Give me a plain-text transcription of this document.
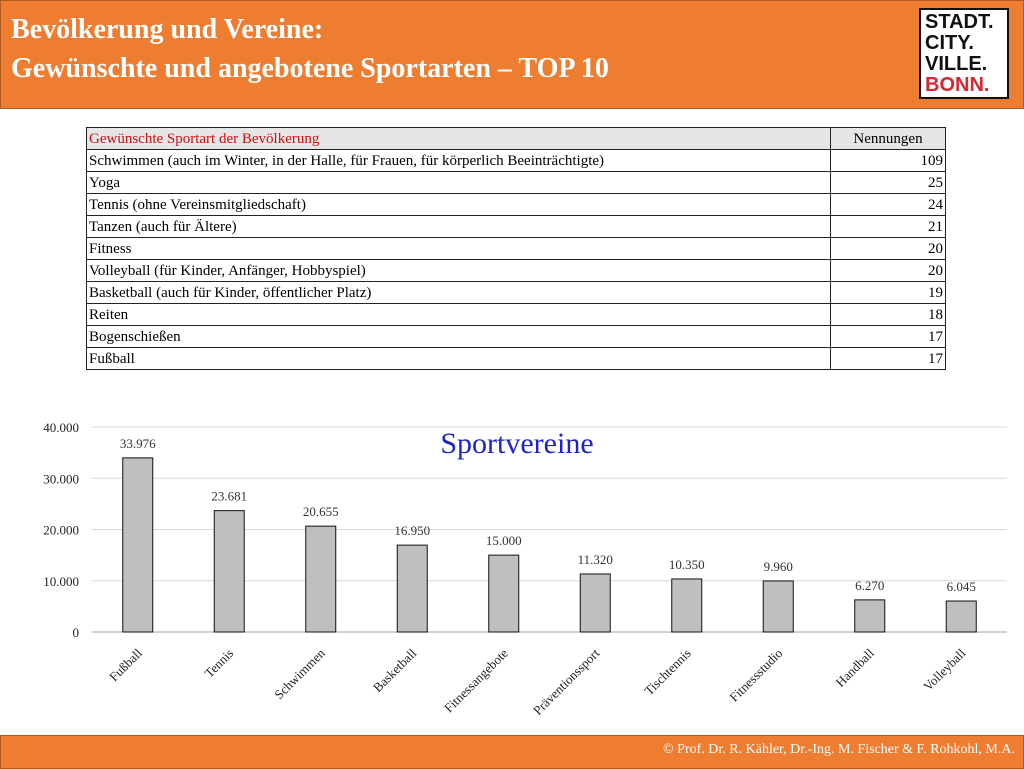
Bevölkerung und Vereine:
Gewünschte und angebotene Sportarten – TOP 10
STADT.
CITY.
VILLE.
BONN.
Gewünschte Sportart der Bevölkerung	Nennungen
Schwimmen (auch im Winter, in der Halle, für Frauen, für körperlich Beeinträchtigte)	109
Yoga	25
Tennis (ohne Vereinsmitgliedschaft)	24
Tanzen (auch für Ältere)	21
Fitness	20
Volleyball (für Kinder, Anfänger, Hobbyspiel)	20
Basketball (auch für Kinder, öffentlicher Platz)	19
Reiten	18
Bogenschießen	17
Fußball	17
0
10.000
20.000
30.000
40.000	Sportvereine
33.976
Fußball
23.681
Tennis
20.655
Schwimmen
16.950
Basketball
15.000
Fitnessangebote
11.320
Präventionssport
10.350
Tischtennis
9.960
Fitnessstudio
6.270
Handball
6.045
Volleyball
© Prof. Dr. R. Kähler, Dr.-Ing. M. Fischer & F. Rohkohl, M.A.
